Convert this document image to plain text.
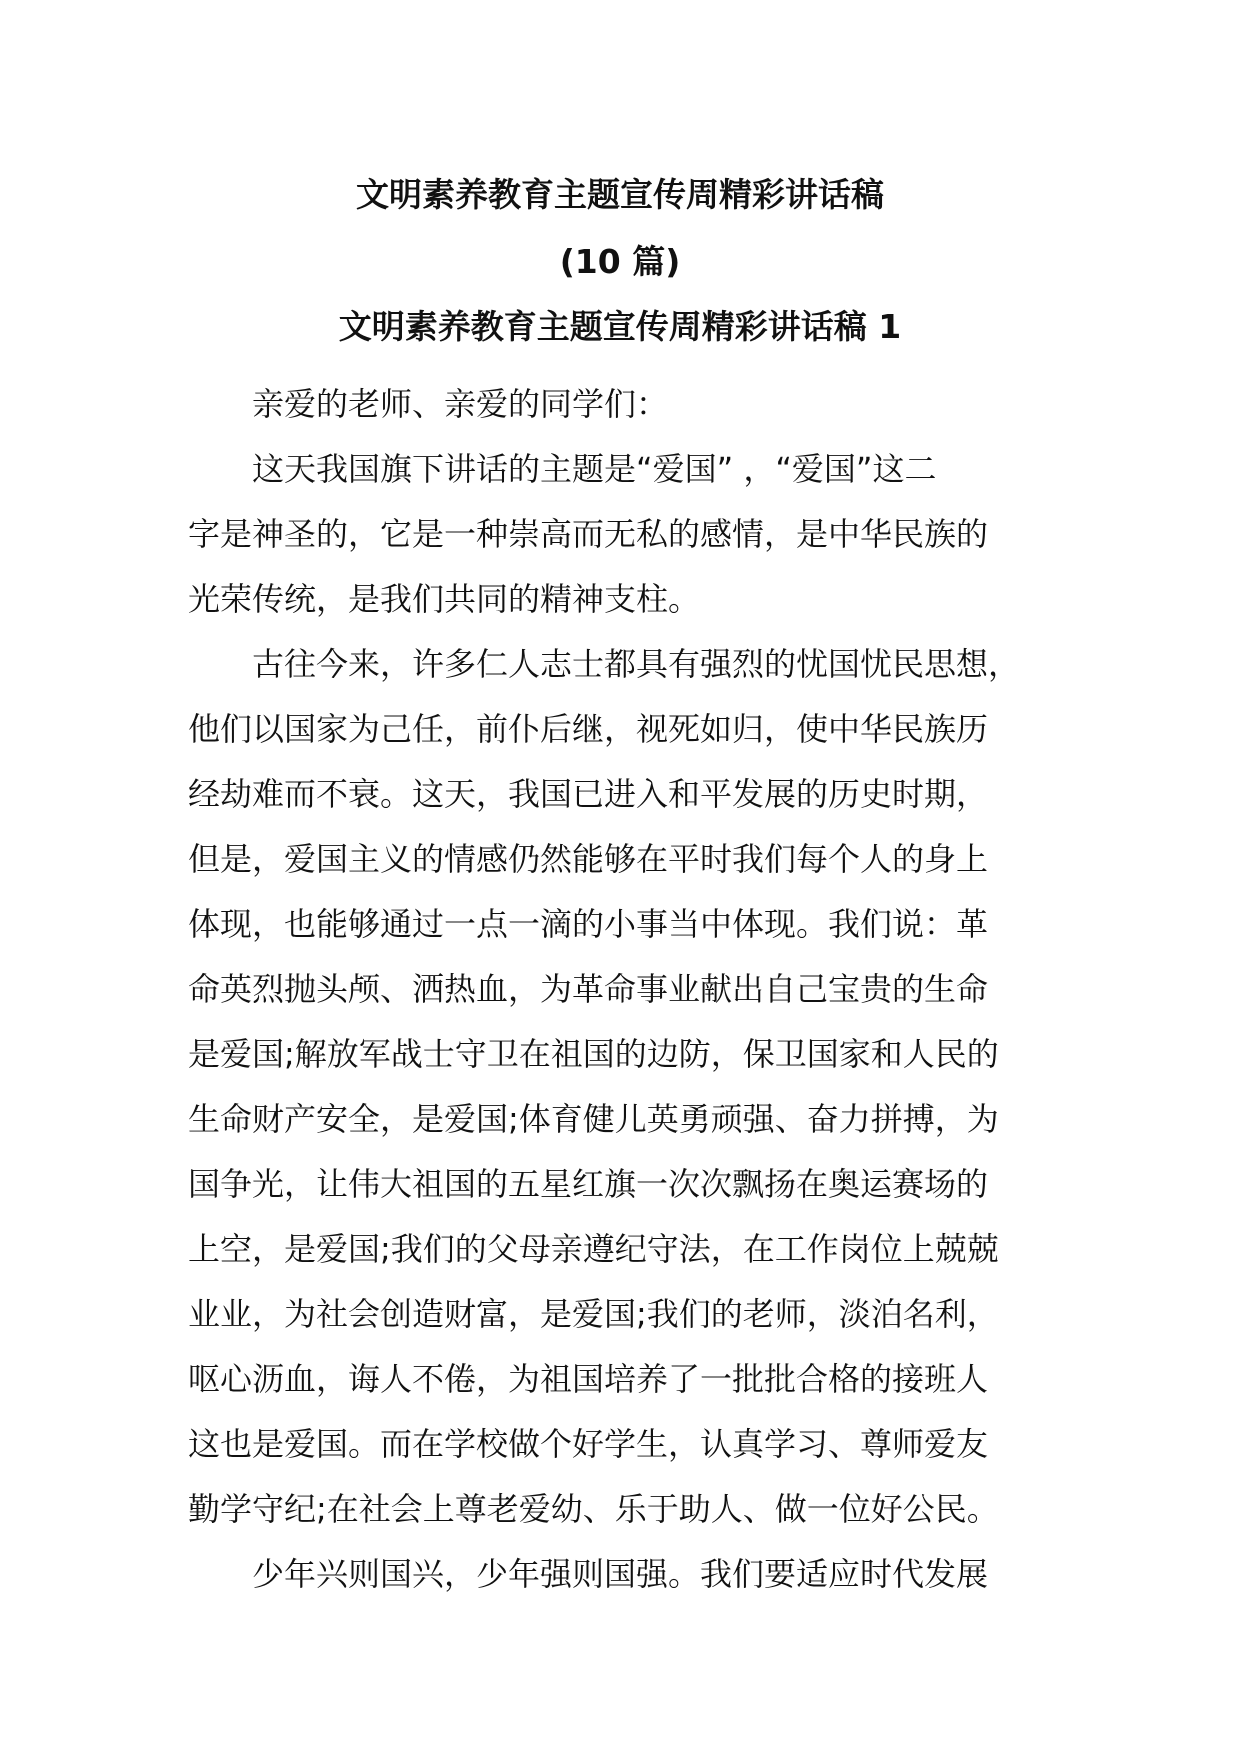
文明素养教育主题宣传周精彩讲话稿
(10 篇)
文明素养教育主题宣传周精彩讲话稿 1

亲爱的老师、亲爱的同学们：

这天我国旗下讲话的主题是“爱国” ，“爱国”这二
字是神圣的，它是一种崇高而无私的感情，是中华民族的
光荣传统，是我们共同的精神支柱。

古往今来，许多仁人志士都具有强烈的忧国忧民思想，
他们以国家为己任，前仆后继，视死如归，使中华民族历
经劫难而不衰。这天，我国已进入和平发展的历史时期，
但是，爱国主义的情感仍然能够在平时我们每个人的身上
体现，也能够通过一点一滴的小事当中体现。我们说：革
命英烈抛头颅、洒热血，为革命事业献出自己宝贵的生命
是爱国;解放军战士守卫在祖国的边防，保卫国家和人民的
生命财产安全，是爱国;体育健儿英勇顽强、奋力拼搏，为
国争光，让伟大祖国的五星红旗一次次飘扬在奥运赛场的
上空，是爱国;我们的父母亲遵纪守法，在工作岗位上兢兢
业业，为社会创造财富，是爱国;我们的老师，淡泊名利，
呕心沥血，诲人不倦，为祖国培养了一批批合格的接班人
这也是爱国。而在学校做个好学生，认真学习、尊师爱友
勤学守纪;在社会上尊老爱幼、乐于助人、做一位好公民。

少年兴则国兴，少年强则国强。我们要适应时代发展
